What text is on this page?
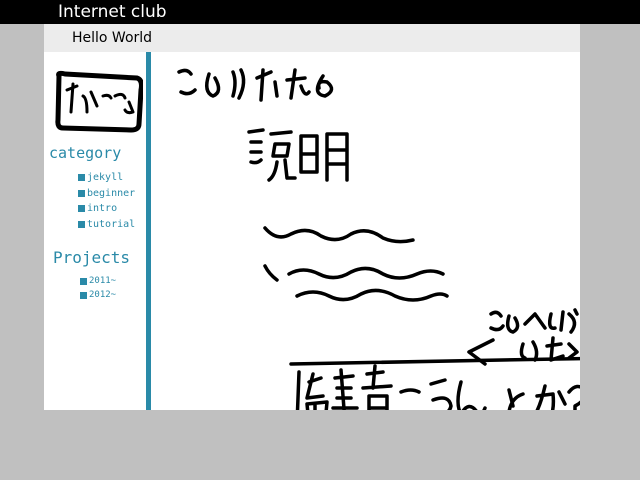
Internet club
Hello World
アイコン
category
jekyll
beginner
intro
tutorial
Projects
2011~
2012~
このサイトの
説明
このへんに小さく
編集者一らん
とか?
